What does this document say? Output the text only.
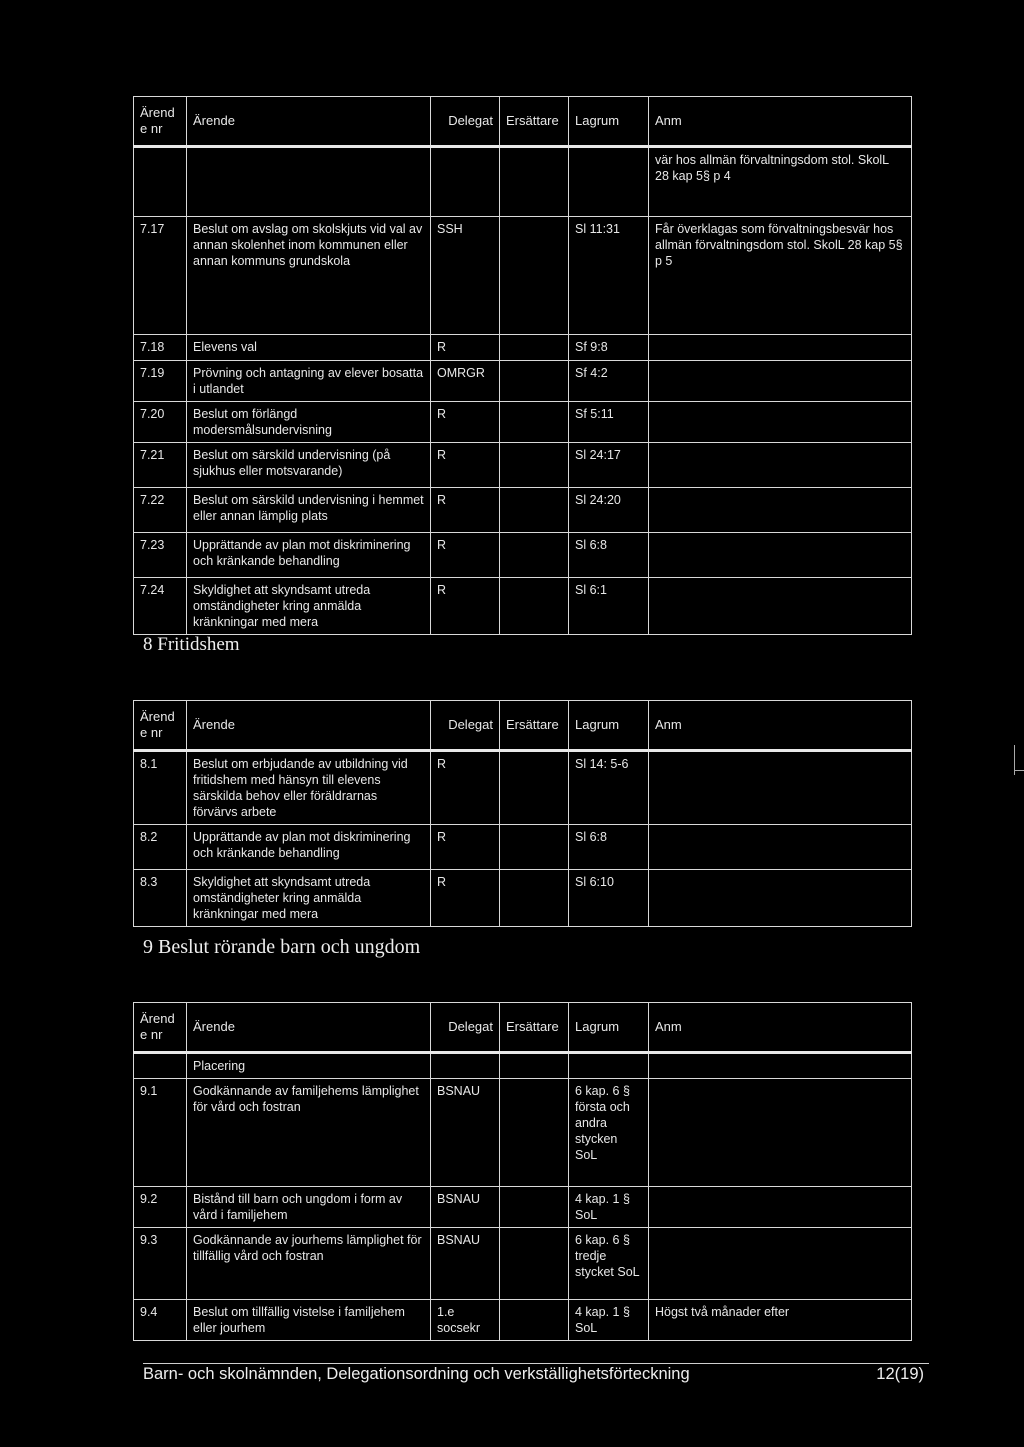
Ärende nr	Ärende	Delegat	Ersättare	Lagrum	Anm
					vär hos allmän förvaltningsdom stol. SkolL 28 kap 5§ p 4
7.17	Beslut om avslag om skolskjuts vid val av annan skolenhet inom kommunen eller annan kommuns grundskola	SSH		Sl 11:31	Får överklagas som förvaltningsbesvär hos allmän förvaltningsdom stol. SkolL 28 kap 5§ p 5
7.18	Elevens val	R		Sf 9:8	
7.19	Prövning och antagning av elever bosatta i utlandet	OMRGR		Sf 4:2	
7.20	Beslut om förlängd modersmålsundervisning	R		Sf 5:11	
7.21	Beslut om särskild undervisning (på sjukhus eller motsvarande)	R		Sl 24:17	
7.22	Beslut om särskild undervisning i hemmet eller annan lämplig plats	R		Sl 24:20	
7.23	Upprättande av plan mot diskriminering och kränkande behandling	R		Sl 6:8	
7.24	Skyldighet att skyndsamt utreda omständigheter kring anmälda kränkningar med mera	R		Sl 6:1	
8 Fritidshem
Ärende nr	Ärende	Delegat	Ersättare	Lagrum	Anm
8.1	Beslut om erbjudande av utbildning vid fritidshem med hänsyn till elevens särskilda behov eller föräldrarnas förvärvs arbete	R		Sl 14: 5-6	
8.2	Upprättande av plan mot diskriminering och kränkande behandling	R		Sl 6:8	
8.3	Skyldighet att skyndsamt utreda omständigheter kring anmälda kränkningar med mera	R		Sl 6:10	
9 Beslut rörande barn och ungdom
Ärende nr	Ärende	Delegat	Ersättare	Lagrum	Anm
	Placering				
9.1	Godkännande av familjehems lämplighet för vård och fostran	BSNAU		6 kap. 6 § första och andra stycken SoL	
9.2	Bistånd till barn och ungdom i form av vård i familjehem	BSNAU		4 kap. 1 § SoL	
9.3	Godkännande av jourhems lämplighet för tillfällig vård och fostran	BSNAU		6 kap. 6 § tredje stycket SoL	
9.4	Beslut om tillfällig vistelse i familjehem eller jourhem	1.e socsekr		4 kap. 1 § SoL	Högst två månader efter
Barn- och skolnämnden, Delegationsordning och verkställighetsförteckning	12(19)
